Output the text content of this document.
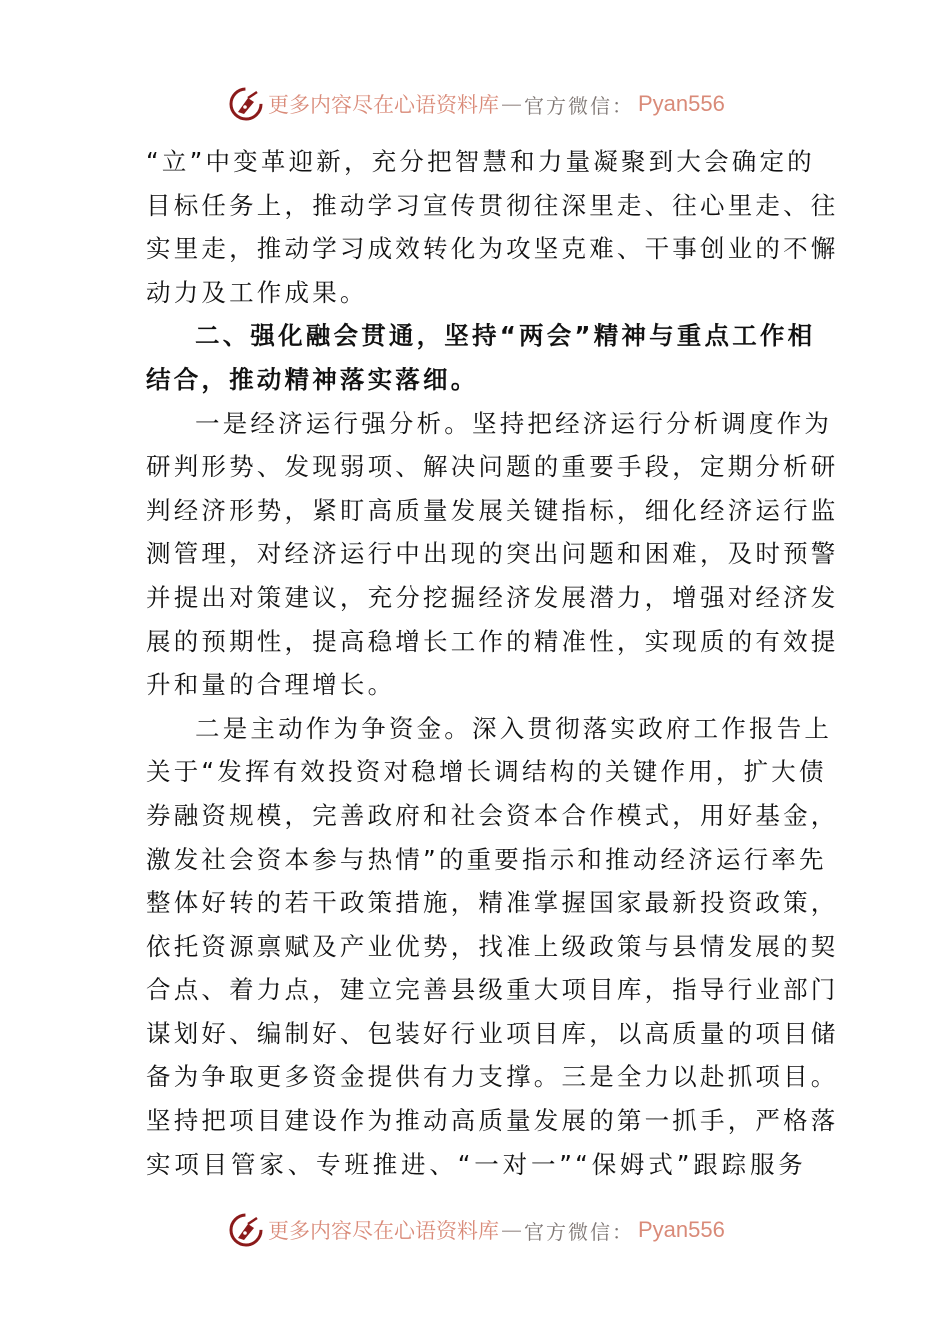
更多内容尽在心语资料库 — 官方微信： Pyan556
“立”中变革迎新，充分把智慧和力量凝聚到大会确定的
目标任务上，推动学习宣传贯彻往深里走、往心里走、往
实里走，推动学习成效转化为攻坚克难、干事创业的不懈
动力及工作成果。
二、强化融会贯通，坚持“两会”精神与重点工作相
结合，推动精神落实落细。
一是经济运行强分析。坚持把经济运行分析调度作为
研判形势、发现弱项、解决问题的重要手段，定期分析研
判经济形势，紧盯高质量发展关键指标，细化经济运行监
测管理，对经济运行中出现的突出问题和困难，及时预警
并提出对策建议，充分挖掘经济发展潜力，增强对经济发
展的预期性，提高稳增长工作的精准性，实现质的有效提
升和量的合理增长。
二是主动作为争资金。深入贯彻落实政府工作报告上
关于“发挥有效投资对稳增长调结构的关键作用，扩大债
券融资规模，完善政府和社会资本合作模式，用好基金，
激发社会资本参与热情”的重要指示和推动经济运行率先
整体好转的若干政策措施，精准掌握国家最新投资政策，
依托资源禀赋及产业优势，找准上级政策与县情发展的契
合点、着力点，建立完善县级重大项目库，指导行业部门
谋划好、编制好、包装好行业项目库，以高质量的项目储
备为争取更多资金提供有力支撑。三是全力以赴抓项目。
坚持把项目建设作为推动高质量发展的第一抓手，严格落
实项目管家、专班推进、“一对一”“保姆式”跟踪服务
更多内容尽在心语资料库 — 官方微信： Pyan556
